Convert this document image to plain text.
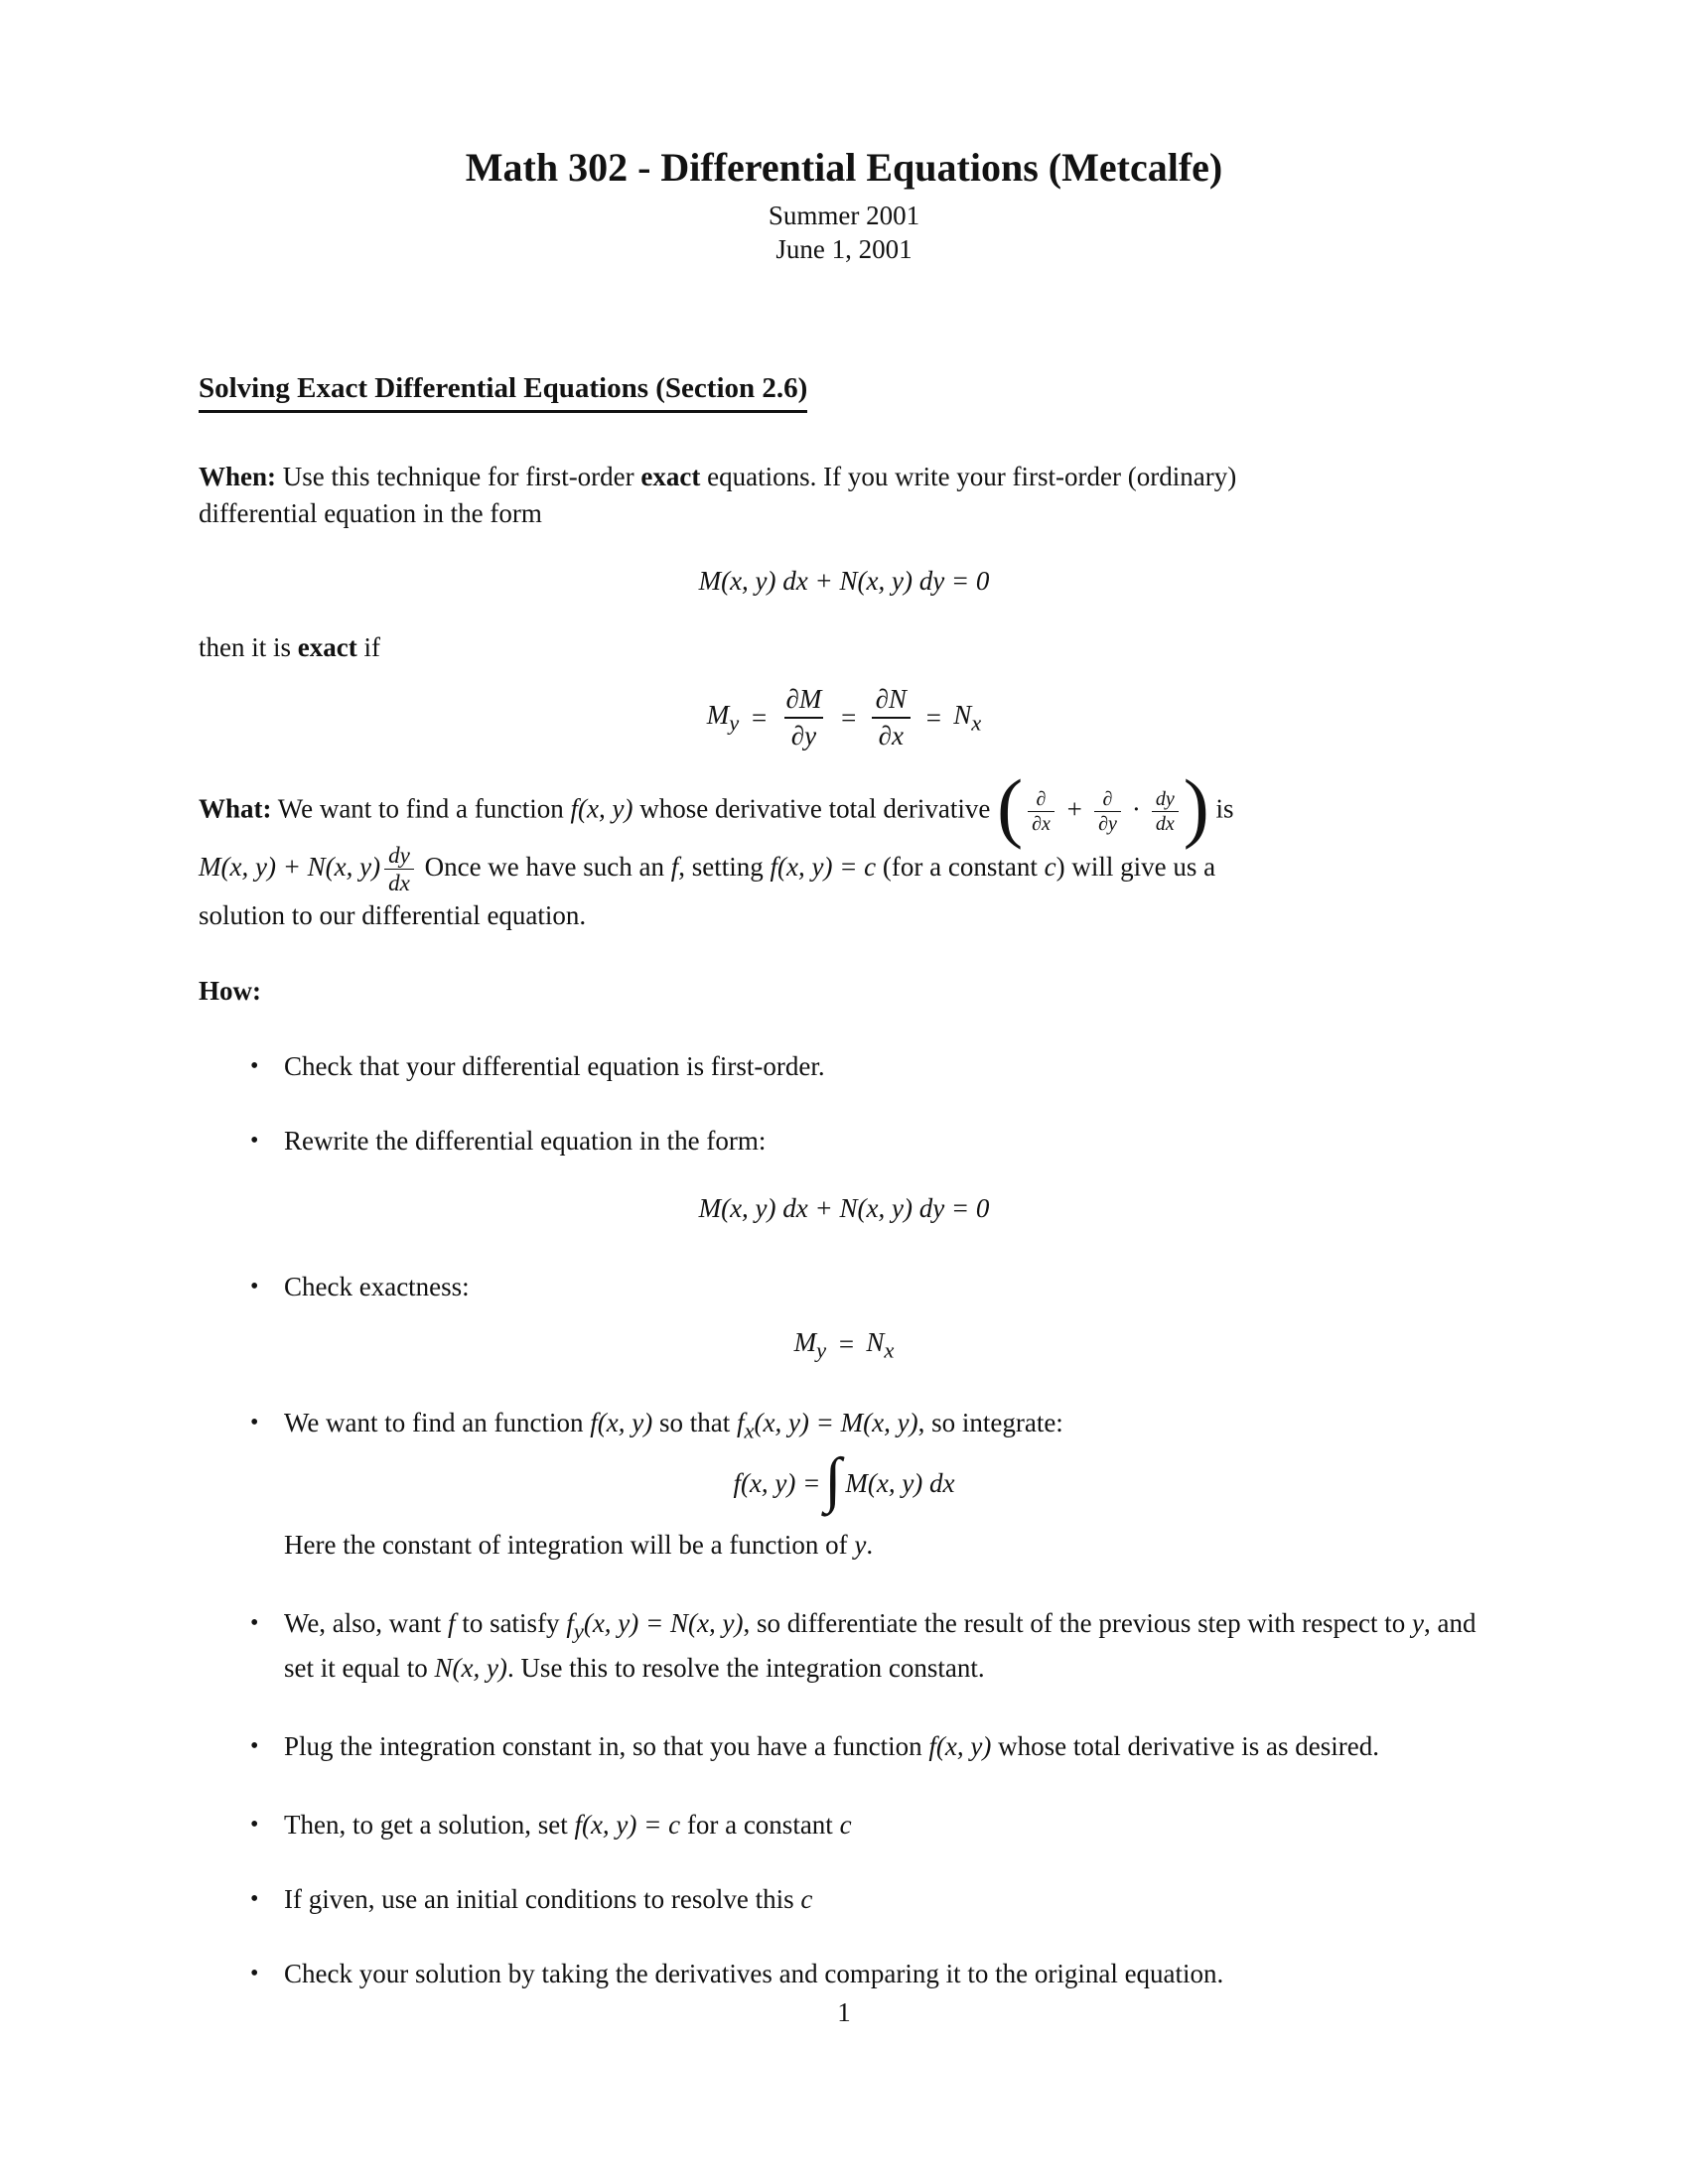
Math 302 - Differential Equations (Metcalfe)
Summer 2001
June 1, 2001
Solving Exact Differential Equations (Section 2.6)
When: Use this technique for first-order exact equations. If you write your first-order (ordinary)
differential equation in the form
M(x, y) dx + N(x, y) dy = 0
then it is exact if
$M_y = \frac{\partial M}{\partial y} = \frac{\partial N}{\partial x} = N_x$
What: We want to find a function f(x, y) whose derivative total derivative ( $\frac{\partial}{\partial x} + \frac{\partial}{\partial y} \cdot \frac{dy}{dx}$ ) is
M(x, y) + N(x, $y) \frac{dy}{dx}$ Once we have such an f, setting f(x, y) = c (for a constant c) will give us a
solution to our differential equation.
How:
• Check that your differential equation is first-order.
• Rewrite the differential equation in the form:
M(x, y) dx + N(x, y) dy = 0
• Check exactness:
$M_y = N_x$
• We want to find an function f(x, y) so that $f_x(x$, y) = M(x, y), so integrate:
f(x, y) = ∫ M(x, y) dx
Here the constant of integration will be a function of y.
• We, also, want f to satisfy $f_y(x$, y) = N(x, y), so differentiate the result of the previous step with respect to y, and set it equal to N(x, y). Use this to resolve the integration constant.
• Plug the integration constant in, so that you have a function f(x, y) whose total derivative is as desired.
• Then, to get a solution, set f(x, y) = c for a constant c
• If given, use an initial conditions to resolve this c
• Check your solution by taking the derivatives and comparing it to the original equation.
1
